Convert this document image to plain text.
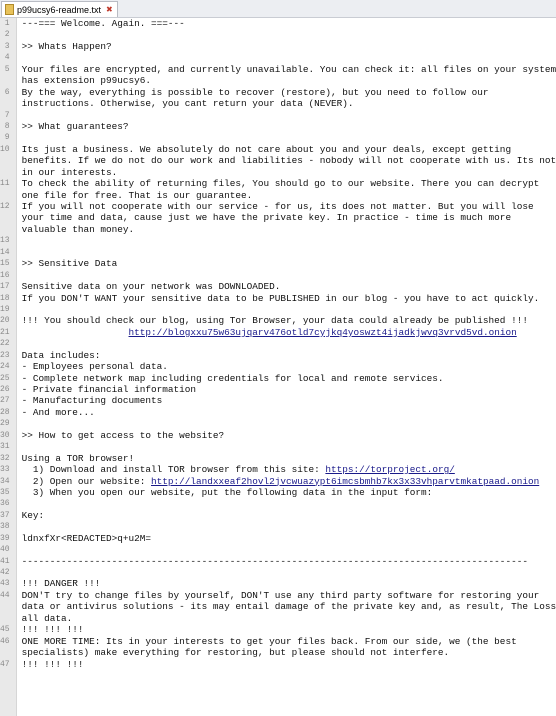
p99ucsy6-readme.txt ✖
1
2
3
4
5
6
7
8
9
10
11
12
13
14
15
16
17
18
19
20
21
22
23
24
25
26
27
28
29
30
31
32
33
34
35
36
37
38
39
40
41
42
43
44
45
46
47
---=== Welcome. Again. ===---
>> Whats Happen?
Your files are encrypted, and currently unavailable. You can check it: all files on your system
has extension p99ucsy6.
By the way, everything is possible to recover (restore), but you need to follow our
instructions. Otherwise, you cant return your data (NEVER).
>> What guarantees?
Its just a business. We absolutely do not care about you and your deals, except getting
benefits. If we do not do our work and liabilities - nobody will not cooperate with us. Its not
in our interests.
To check the ability of returning files, You should go to our website. There you can decrypt
one file for free. That is our guarantee.
If you will not cooperate with our service - for us, its does not matter. But you will lose
your time and data, cause just we have the private key. In practice - time is much more
valuable than money.
>> Sensitive Data
Sensitive data on your network was DOWNLOADED.
If you DON'T WANT your sensitive data to be PUBLISHED in our blog - you have to act quickly.
!!! You should check our blog, using Tor Browser, your data could already be published !!!
http://blogxxu75w63ujqarv476otld7cyjkq4yoswzt4ijadkjwvq3vrvd5vd.onion
Data includes:
- Employees personal data.
- Complete network map including credentials for local and remote services.
- Private financial information
- Manufacturing documents
- And more...
>> How to get access to the website?
Using a TOR browser!
1) Download and install TOR browser from this site: https://torproject.org/
2) Open our website: http://landxxeaf2hovl2jvcwuazypt6imcsbmhb7kx3x33vhparvtmkatpaad.onion
3) When you open our website, put the following data in the input form:
Key:
ldnxfXr<REDACTED>q+u2M=
------------------------------------------------------------------------------------------
!!! DANGER !!!
DON'T try to change files by yourself, DON'T use any third party software for restoring your
data or antivirus solutions - its may entail damage of the private key and, as result, The Loss
all data.
!!! !!! !!!
ONE MORE TIME: Its in your interests to get your files back. From our side, we (the best
specialists) make everything for restoring, but please should not interfere.
!!! !!! !!!
